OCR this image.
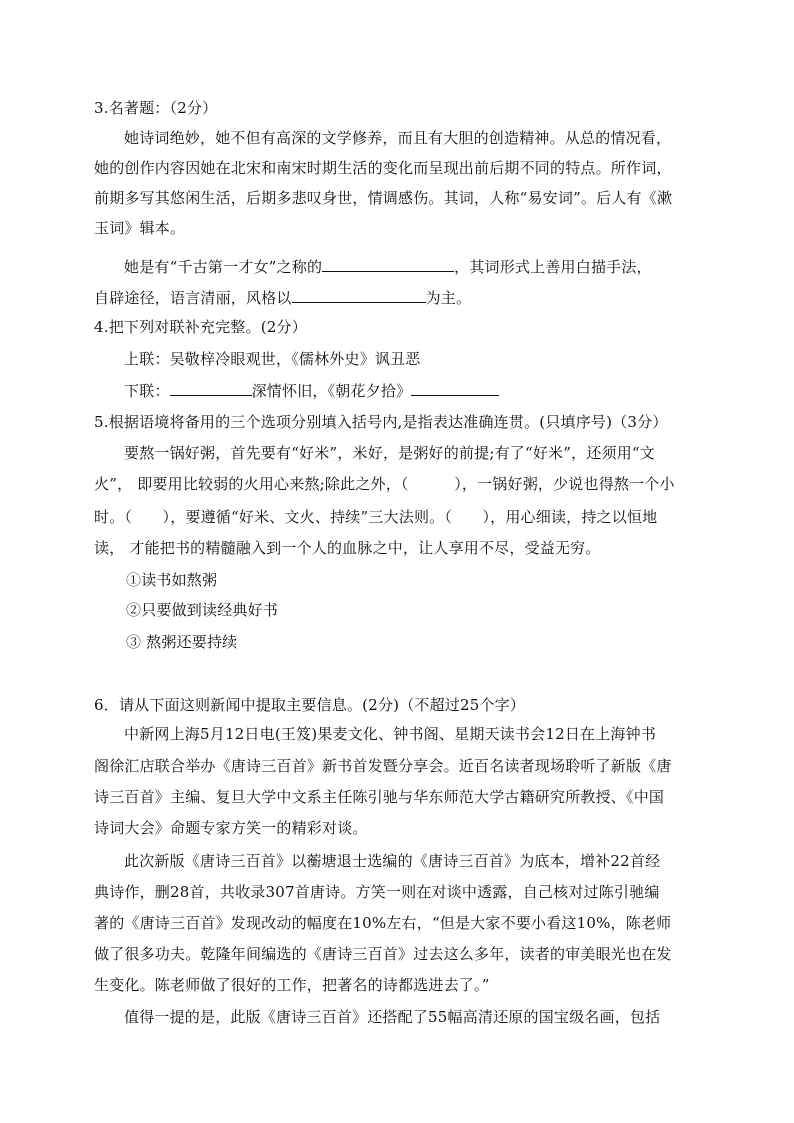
3.名著题：（2分）
她诗词绝妙，她不但有高深的文学修养，而且有大胆的创造精神。从总的情况看，
她的创作内容因她在北宋和南宋时期生活的变化而呈现出前后期不同的特点。所作词，
前期多写其悠闲生活，后期多悲叹身世，情调感伤。其词，人称“易安词”。后人有《漱
玉词》辑本。
她是有“千古第一才女”之称的	，其词形式上善用白描手法，
自辟途径，语言清丽，风格以	为主。
4.把下列对联补充完整。(2分）
上联：吴敬梓冷眼观世，《儒林外史》讽丑恶
下联：	深情怀旧，《朝花夕拾》
5.根据语境将备用的三个选项分别填入括号内,是指表达准确连贯。(只填序号)（3分）
要熬一锅好粥，首先要有“好米”，米好，是粥好的前提;有了“好米”，还须用“文
火”， 即要用比较弱的火用心来熬;除此之外，（　　　），一锅好粥，少说也得熬一个小
时。（　　），要遵循“好米、文火、持续”三大法则。（　　），用心细读，持之以恒地
读， 才能把书的精髓融入到一个人的血脉之中，让人享用不尽，受益无穷。
①读书如熬粥
②只要做到读经典好书
③ 熬粥还要持续
6．请从下面这则新闻中提取主要信息。(2分)（不超过25个字）
中新网上海5月12日电(王笈)果麦文化、钟书阁、星期天读书会12日在上海钟书
阁徐汇店联合举办《唐诗三百首》新书首发暨分享会。近百名读者现场聆听了新版《唐
诗三百首》主编、复旦大学中文系主任陈引驰与华东师范大学古籍研究所教授、《中国
诗词大会》命题专家方笑一的精彩对谈。
此次新版《唐诗三百首》以蘅塘退士选编的《唐诗三百首》为底本，增补22首经
典诗作，删28首，共收录307首唐诗。方笑一则在对谈中透露，自己核对过陈引驰编
著的《唐诗三百首》发现改动的幅度在10%左右，“但是大家不要小看这10%，陈老师
做了很多功夫。乾隆年间编选的《唐诗三百首》过去这么多年，读者的审美眼光也在发
生变化。陈老师做了很好的工作，把著名的诗都选进去了。”
值得一提的是，此版《唐诗三百首》还搭配了55幅高清还原的国宝级名画，包括
